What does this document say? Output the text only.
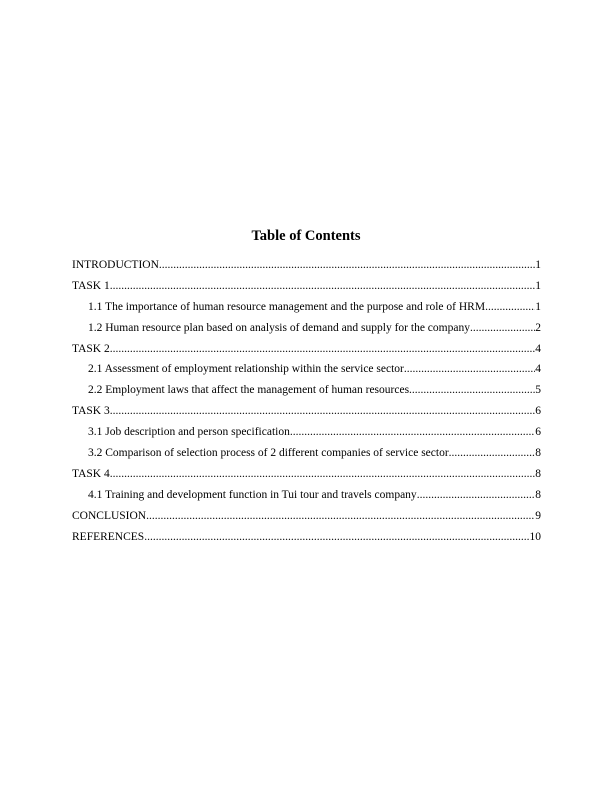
Table of Contents
INTRODUCTION .....	1
TASK 1 .....	1
1.1 The importance of human resource management and the purpose and role of HRM .....	1
1.2 Human resource plan based on analysis of demand and supply for the company .....	2
TASK 2 .....	4
2.1 Assessment of employment relationship within the service sector .....	4
2.2 Employment laws that affect the management of human resources .....	5
TASK 3 .....	6
3.1 Job description and person specification .....	6
3.2 Comparison of selection process of 2 different companies of service sector .....	8
TASK 4 .....	8
4.1 Training and development function in Tui tour and travels company .....	8
CONCLUSION .....	9
REFERENCES .....	10
